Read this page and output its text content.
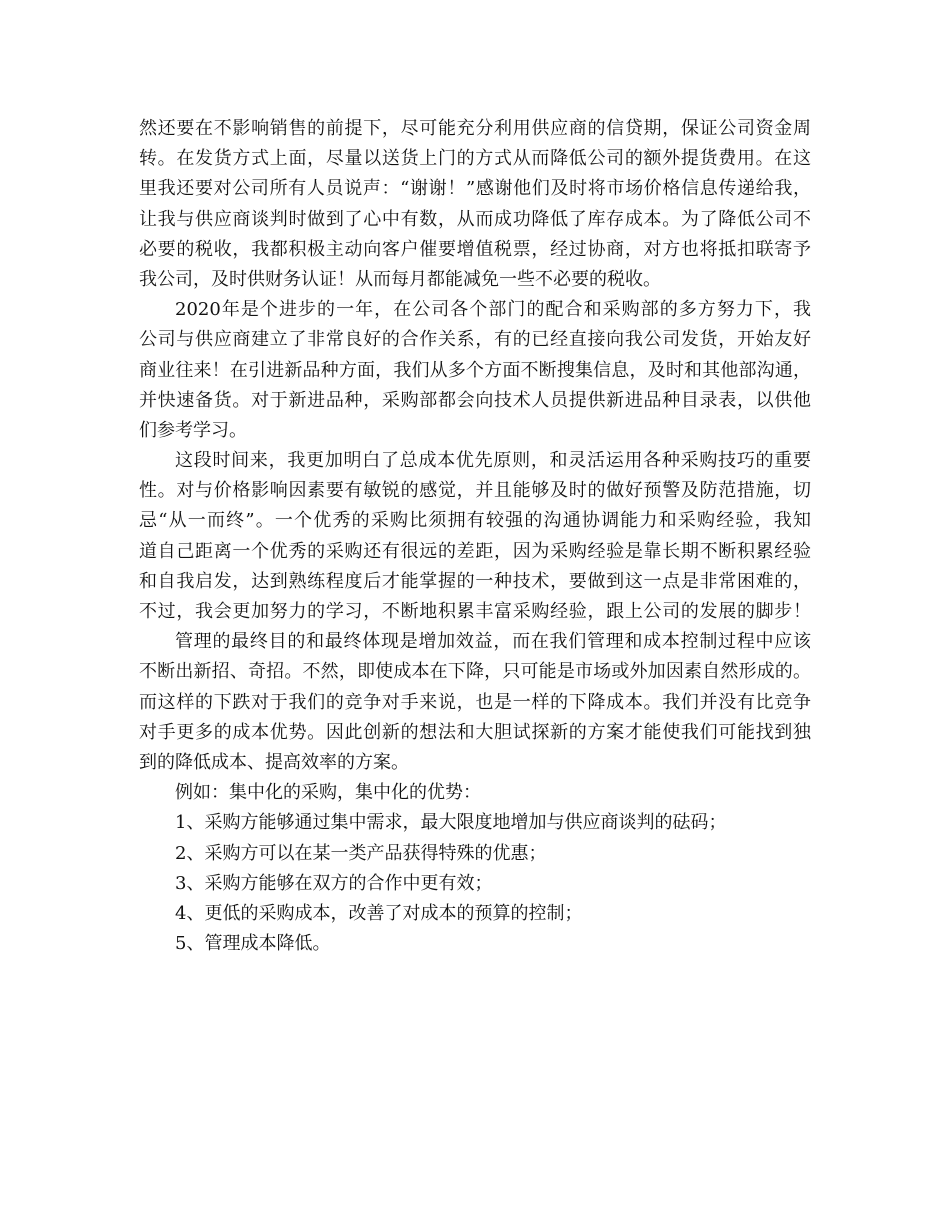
然还要在不影响销售的前提下，尽可能充分利用供应商的信贷期，保证公司资金周
转。在发货方式上面，尽量以送货上门的方式从而降低公司的额外提货费用。在这
里我还要对公司所有人员说声：“谢谢！”感谢他们及时将市场价格信息传递给我，
让我与供应商谈判时做到了心中有数，从而成功降低了库存成本。为了降低公司不
必要的税收，我都积极主动向客户催要增值税票，经过协商，对方也将抵扣联寄予
我公司，及时供财务认证！从而每月都能减免一些不必要的税收。
2020年是个进步的一年，在公司各个部门的配合和采购部的多方努力下，我
公司与供应商建立了非常良好的合作关系，有的已经直接向我公司发货，开始友好
商业往来！在引进新品种方面，我们从多个方面不断搜集信息，及时和其他部沟通，
并快速备货。对于新进品种，采购部都会向技术人员提供新进品种目录表，以供他
们参考学习。
这段时间来，我更加明白了总成本优先原则，和灵活运用各种采购技巧的重要
性。对与价格影响因素要有敏锐的感觉，并且能够及时的做好预警及防范措施，切
忌“从一而终”。一个优秀的采购比须拥有较强的沟通协调能力和采购经验，我知
道自己距离一个优秀的采购还有很远的差距，因为采购经验是靠长期不断积累经验
和自我启发，达到熟练程度后才能掌握的一种技术，要做到这一点是非常困难的，
不过，我会更加努力的学习，不断地积累丰富采购经验，跟上公司的发展的脚步！
管理的最终目的和最终体现是增加效益，而在我们管理和成本控制过程中应该
不断出新招、奇招。不然，即使成本在下降，只可能是市场或外加因素自然形成的。
而这样的下跌对于我们的竞争对手来说，也是一样的下降成本。我们并没有比竞争
对手更多的成本优势。因此创新的想法和大胆试探新的方案才能使我们可能找到独
到的降低成本、提高效率的方案。
例如：集中化的采购，集中化的优势：
1、采购方能够通过集中需求，最大限度地增加与供应商谈判的砝码；
2、采购方可以在某一类产品获得特殊的优惠；
3、采购方能够在双方的合作中更有效；
4、更低的采购成本，改善了对成本的预算的控制；
5、管理成本降低。
